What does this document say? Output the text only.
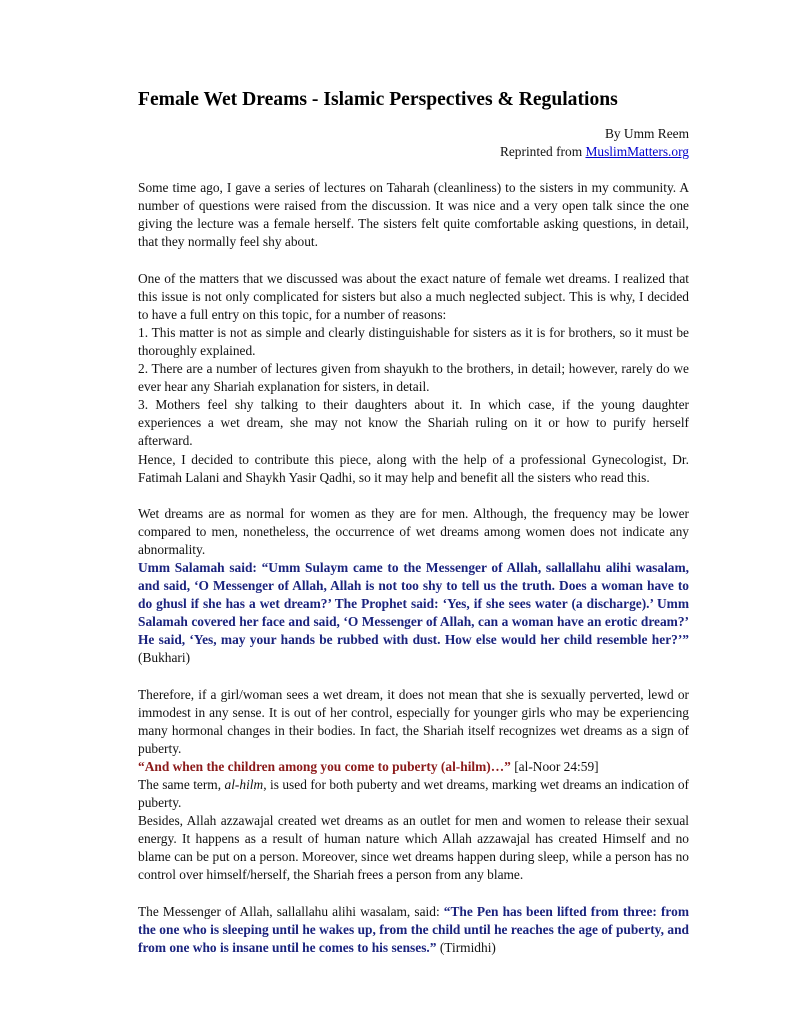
Female Wet Dreams - Islamic Perspectives & Regulations

By Umm Reem

Reprinted from MuslimMatters.org

Some time ago, I gave a series of lectures on Taharah (cleanliness) to the sisters in my community. A number of questions were raised from the discussion. It was nice and a very open talk since the one giving the lecture was a female herself. The sisters felt quite comfortable asking questions, in detail, that they normally feel shy about.

One of the matters that we discussed was about the exact nature of female wet dreams. I realized that this issue is not only complicated for sisters but also a much neglected subject. This is why, I decided to have a full entry on this topic, for a number of reasons:

1. This matter is not as simple and clearly distinguishable for sisters as it is for brothers, so it must be thoroughly explained.

2. There are a number of lectures given from shayukh to the brothers, in detail; however, rarely do we ever hear any Shariah explanation for sisters, in detail.

3. Mothers feel shy talking to their daughters about it. In which case, if the young daughter experiences a wet dream, she may not know the Shariah ruling on it or how to purify herself afterward.

Hence, I decided to contribute this piece, along with the help of a professional Gynecologist, Dr. Fatimah Lalani and Shaykh Yasir Qadhi, so it may help and benefit all the sisters who read this.

Wet dreams are as normal for women as they are for men. Although, the frequency may be lower compared to men, nonetheless, the occurrence of wet dreams among women does not indicate any abnormality.

Umm Salamah said: “Umm Sulaym came to the Messenger of Allah, sallallahu alihi wasalam, and said, ‘O Messenger of Allah, Allah is not too shy to tell us the truth. Does a woman have to do ghusl if she has a wet dream?’ The Prophet said: ‘Yes, if she sees water (a discharge).’ Umm Salamah covered her face and said, ‘O Messenger of Allah, can a woman have an erotic dream?’ He said, ‘Yes, may your hands be rubbed with dust. How else would her child resemble her?’” (Bukhari)

Therefore, if a girl/woman sees a wet dream, it does not mean that she is sexually perverted, lewd or immodest in any sense. It is out of her control, especially for younger girls who may be experiencing many hormonal changes in their bodies. In fact, the Shariah itself recognizes wet dreams as a sign of puberty.

“And when the children among you come to puberty (al-hilm)…” [al-Noor 24:59]

The same term, al-hilm, is used for both puberty and wet dreams, marking wet dreams an indication of puberty.

Besides, Allah azzawajal created wet dreams as an outlet for men and women to release their sexual energy. It happens as a result of human nature which Allah azzawajal has created Himself and no blame can be put on a person. Moreover, since wet dreams happen during sleep, while a person has no control over himself/herself, the Shariah frees a person from any blame.

The Messenger of Allah, sallallahu alihi wasalam, said: “The Pen has been lifted from three: from the one who is sleeping until he wakes up, from the child until he reaches the age of puberty, and from one who is insane until he comes to his senses.” (Tirmidhi)
